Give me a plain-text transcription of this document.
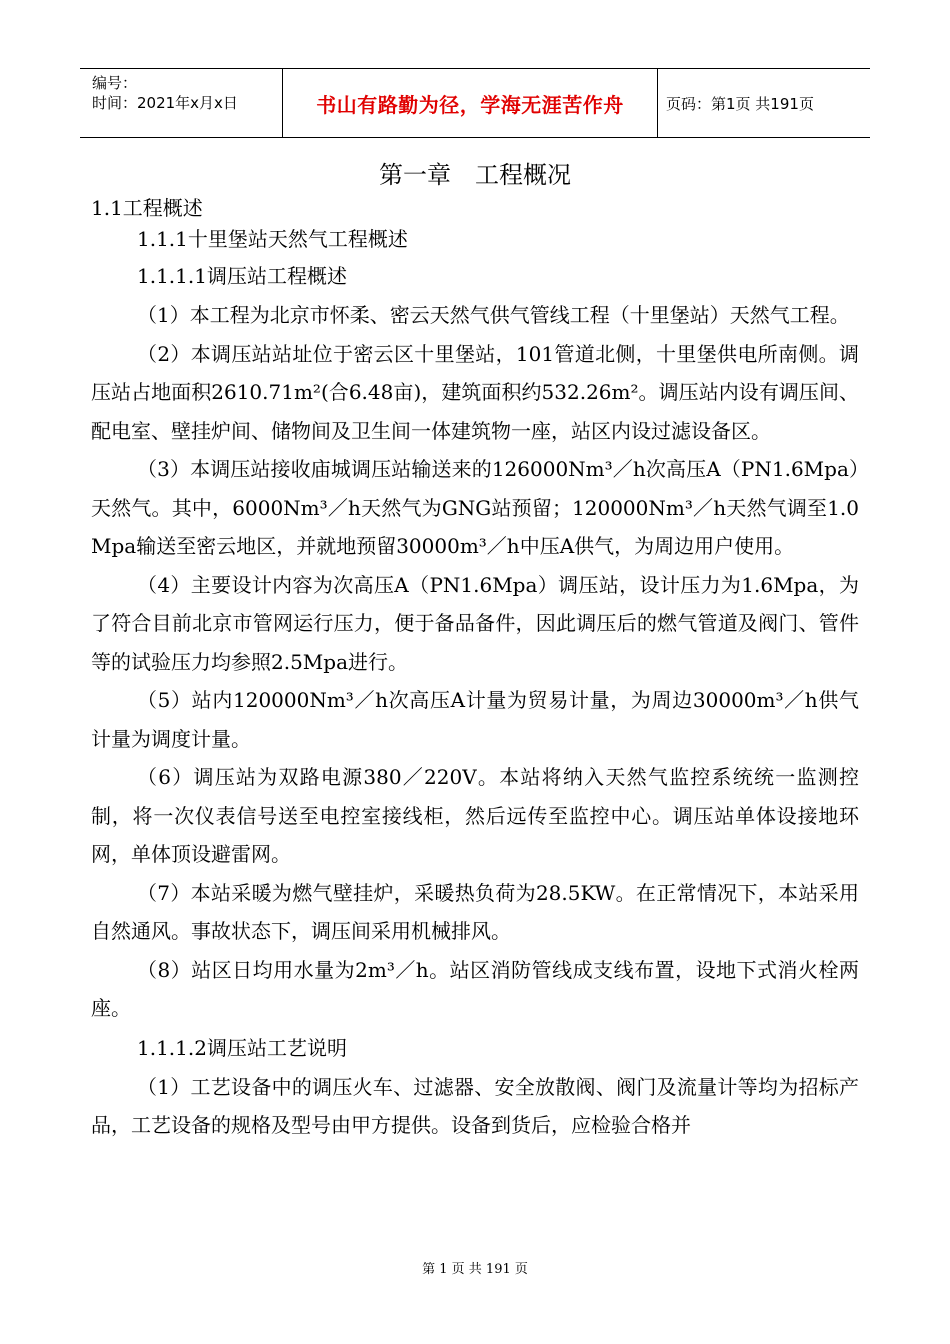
编号：
时间：2021年x月x日	书山有路勤为径，学海无涯苦作舟	页码：第1页 共191页
第一章　工程概况
1.1工程概述
1.1.1十里堡站天然气工程概述
1.1.1.1调压站工程概述

（1）本工程为北京市怀柔、密云天然气供气管线工程（十里堡站）天然气工程。

（2）本调压站站址位于密云区十里堡站，101管道北侧，十里堡供电所南侧。调压站占地面积2610.71m²(合6.48亩)，建筑面积约532.26m²。调压站内设有调压间、配电室、壁挂炉间、储物间及卫生间一体建筑物一座，站区内设过滤设备区。

（3）本调压站接收庙城调压站输送来的126000Nm³／h次高压A（PN1.6Mpa）天然气。其中，6000Nm³／h天然气为GNG站预留；120000Nm³／h天然气调至1.0 Mpa输送至密云地区，并就地预留30000m³／h中压A供气，为周边用户使用。

（4）主要设计内容为次高压A（PN1.6Mpa）调压站，设计压力为1.6Mpa，为了符合目前北京市管网运行压力，便于备品备件，因此调压后的燃气管道及阀门、管件等的试验压力均参照2.5Mpa进行。

（5）站内120000Nm³／h次高压A计量为贸易计量，为周边30000m³／h供气计量为调度计量。

（6）调压站为双路电源380／220V。本站将纳入天然气监控系统统一监测控制，将一次仪表信号送至电控室接线柜，然后远传至监控中心。调压站单体设接地环网，单体顶设避雷网。

（7）本站采暖为燃气壁挂炉，采暖热负荷为28.5KW。在正常情况下，本站采用自然通风。事故状态下，调压间采用机械排风。

（8）站区日均用水量为2m³／h。站区消防管线成支线布置，设地下式消火栓两座。

1.1.1.2调压站工艺说明

（1）工艺设备中的调压火车、过滤器、安全放散阀、阀门及流量计等均为招标产品，工艺设备的规格及型号由甲方提供。设备到货后，应检验合格并

第 1 页 共 191 页
